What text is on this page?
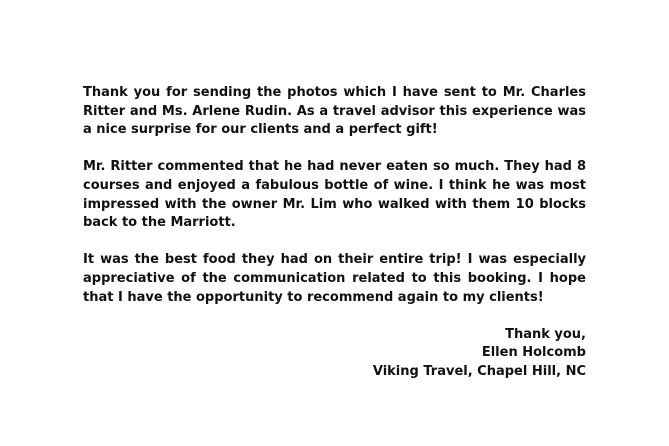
Thank you for sending the photos which I have sent to Mr. Charles Ritter and Ms. Arlene Rudin. As a travel advisor this experience was a nice surprise for our clients and a perfect gift!

Mr. Ritter commented that he had never eaten so much. They had 8 courses and enjoyed a fabulous bottle of wine. I think he was most impressed with the owner Mr. Lim who walked with them 10 blocks back to the Marriott.

It was the best food they had on their entire trip! I was especially appreciative of the communication related to this booking. I hope that I have the opportunity to recommend again to my clients!

Thank you,
Ellen Holcomb
Viking Travel, Chapel Hill, NC
